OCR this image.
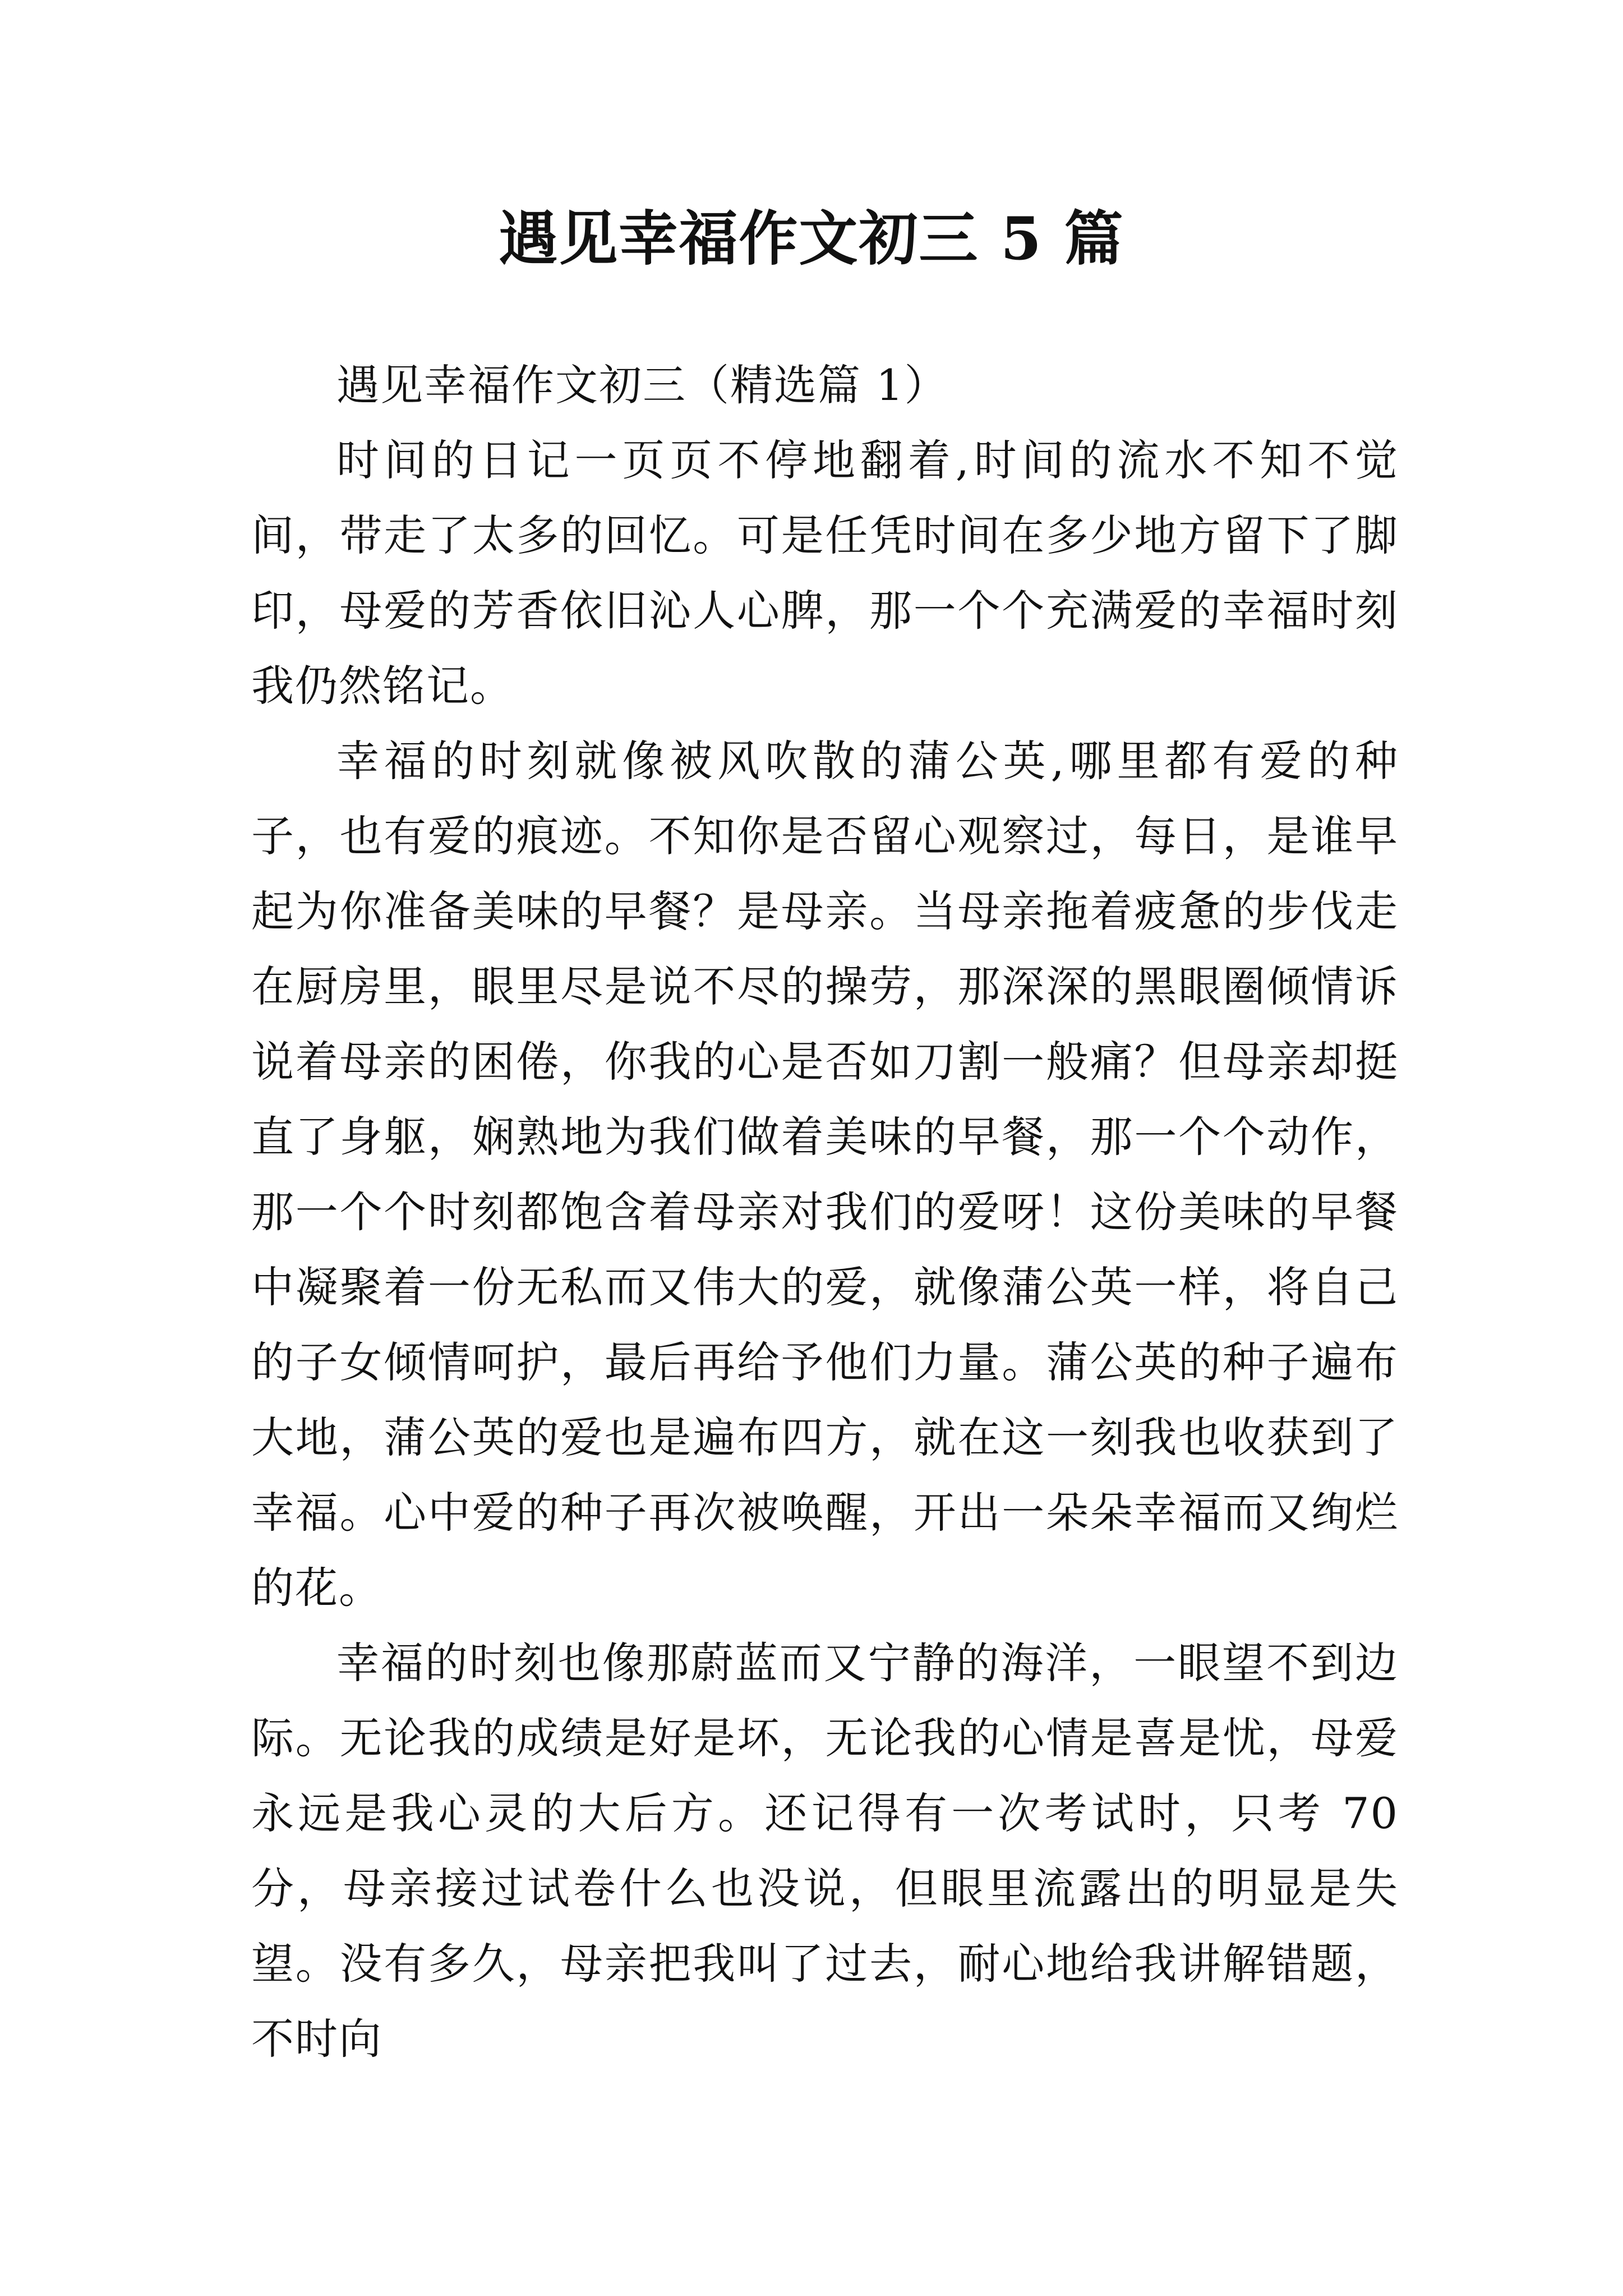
遇见幸福作文初三 5 篇

遇见幸福作文初三（精选篇 1）

时间的日记一页页不停地翻着,时间的流水不知不觉间，带走了太多的回忆。可是任凭时间在多少地方留下了脚印，母爱的芳香依旧沁人心脾，那一个个充满爱的幸福时刻我仍然铭记。

幸福的时刻就像被风吹散的蒲公英,哪里都有爱的种子，也有爱的痕迹。不知你是否留心观察过，每日，是谁早起为你准备美味的早餐？是母亲。当母亲拖着疲惫的步伐走在厨房里，眼里尽是说不尽的操劳，那深深的黑眼圈倾情诉说着母亲的困倦，你我的心是否如刀割一般痛？但母亲却挺直了身躯，娴熟地为我们做着美味的早餐，那一个个动作，那一个个时刻都饱含着母亲对我们的爱呀！这份美味的早餐中凝聚着一份无私而又伟大的爱，就像蒲公英一样，将自己的子女倾情呵护，最后再给予他们力量。蒲公英的种子遍布大地，蒲公英的爱也是遍布四方，就在这一刻我也收获到了幸福。心中爱的种子再次被唤醒，开出一朵朵幸福而又绚烂的花。

幸福的时刻也像那蔚蓝而又宁静的海洋，一眼望不到边际。无论我的成绩是好是坏，无论我的心情是喜是忧，母爱永远是我心灵的大后方。还记得有一次考试时，只考 70 分，母亲接过试卷什么也没说，但眼里流露出的明显是失望。没有多久，母亲把我叫了过去，耐心地给我讲解错题，不时向
